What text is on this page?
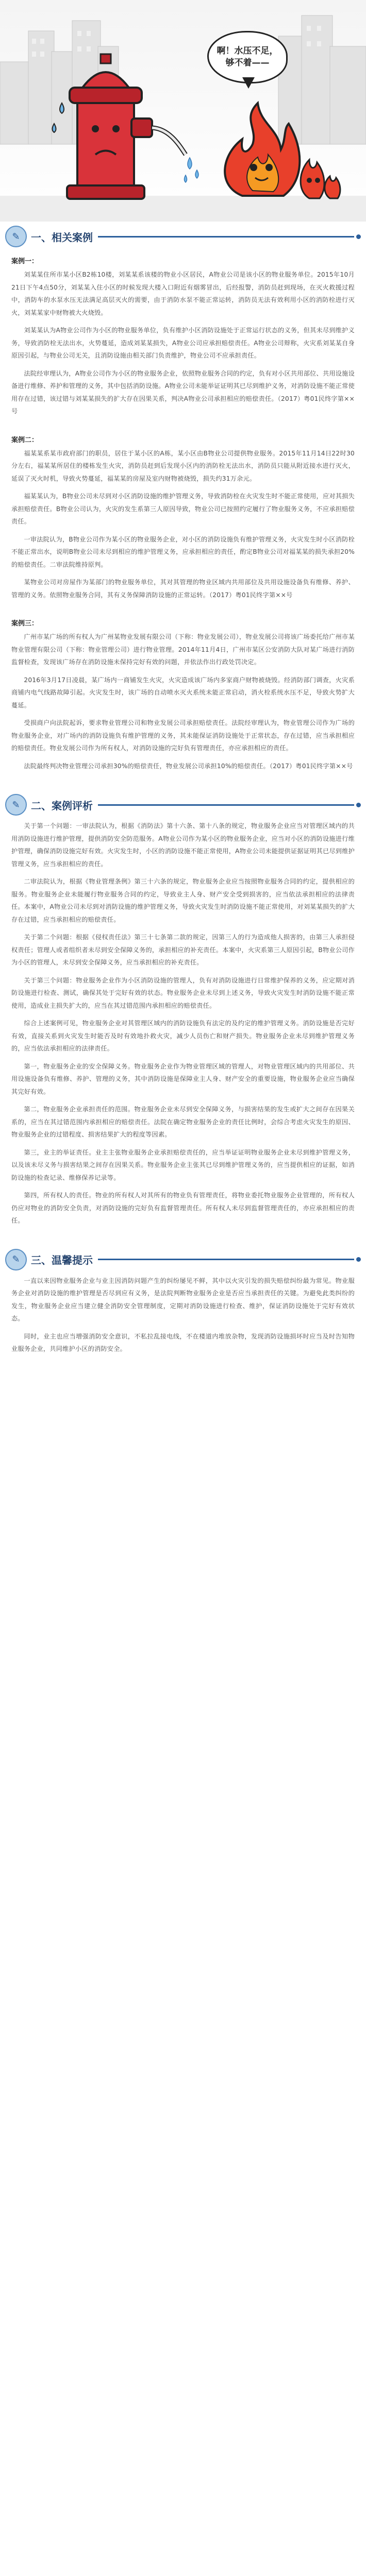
啊！水压不足，
够不着——
✎	一、相关案例
案例一：

刘某某住所市某小区B2栋10楼，刘某某系该楼的物业小区居民，A物业公司是该小区的物业服务单位。2015年10月21日下午4点50分，刘某某入住小区的时候发现大楼入口附近有烟雾冒出，后经报警，消防员赶到现场，在灭火救援过程中，消防车的水泵水压无法满足高层灭火的需要，由于消防水泵不能正常运转，消防员无法有效利用小区的消防栓进行灭火，刘某某家中财物被大火烧毁。

刘某某认为A物业公司作为小区的物业服务单位，负有维护小区消防设施处于正常运行状态的义务，但其未尽到维护义务，导致消防栓无法出水，火势蔓延，造成刘某某损失，A物业公司应承担赔偿责任。A物业公司辩称，火灾系刘某某自身原因引起，与物业公司无关，且消防设施由相关部门负责维护，物业公司不应承担责任。

法院经审理认为，A物业公司作为小区的物业服务企业，依照物业服务合同的约定，负有对小区共用部位、共用设施设备进行维修、养护和管理的义务，其中包括消防设施。A物业公司未能举证证明其已尽到维护义务，对消防设施不能正常使用存在过错，该过错与刘某某损失的扩大存在因果关系，判决A物业公司承担相应的赔偿责任。（2017）粤01民终字第××号

案例二：

福某某系某市政府部门的职员，居住于某小区的A栋，某小区由B物业公司提供物业服务。2015年11月14日22时30分左右，福某某所居住的楼栋发生火灾，消防员赶到后发现小区内的消防栓无法出水，消防员只能从附近接水进行灭火，延误了灭火时机，导致火势蔓延，福某某的房屋及室内财物被烧毁，损失约31万余元。

福某某认为，B物业公司未尽到对小区消防设施的维护管理义务，导致消防栓在火灾发生时不能正常使用，应对其损失承担赔偿责任。B物业公司认为，火灾的发生系第三人原因导致，物业公司已按照约定履行了物业服务义务，不应承担赔偿责任。

一审法院认为，B物业公司作为某小区的物业服务企业，对小区的消防设施负有维护管理义务，火灾发生时小区消防栓不能正常出水，说明B物业公司未尽到相应的维护管理义务，应承担相应的责任，酌定B物业公司对福某某的损失承担20%的赔偿责任。二审法院维持原判。

某物业公司对房屋作为某部门的物业服务单位，其对其管理的物业区域内共用部位及共用设施设备负有维修、养护、管理的义务。依照物业服务合同，其有义务保障消防设施的正常运转。（2017）粤01民终字第××号

案例三：

广州市某广场的所有权人为广州某物业发展有限公司（下称：物业发展公司），物业发展公司将该广场委托给广州市某物业管理有限公司（下称：物业管理公司）进行物业管理。2014年11月4日，广州市某区公安消防大队对某广场进行消防监督检查，发现该广场存在消防设施未保持完好有效的问题，并依法作出行政处罚决定。

2016年3月17日凌晨，某广场内一商铺发生火灾，火灾造成该广场内多家商户财物被烧毁。经消防部门调查，火灾系商铺内电气线路故障引起。火灾发生时，该广场的自动喷水灭火系统未能正常启动，消火栓系统水压不足，导致火势扩大蔓延。

受损商户向法院起诉，要求物业管理公司和物业发展公司承担赔偿责任。法院经审理认为，物业管理公司作为广场的物业服务企业，对广场内的消防设施负有维护管理的义务，其未能保证消防设施处于正常状态，存在过错，应当承担相应的赔偿责任。物业发展公司作为所有权人，对消防设施的完好负有管理责任，亦应承担相应的责任。

法院最终判决物业管理公司承担30%的赔偿责任，物业发展公司承担10%的赔偿责任。（2017）粤01民终字第××号

✎	二、案例评析

关于第一个问题：一审法院认为，根据《消防法》第十六条、第十八条的规定，物业服务企业应当对管理区域内的共用消防设施进行维护管理，提供消防安全防范服务。A物业公司作为某小区的物业服务企业，应当对小区的消防设施进行维护管理，确保消防设施完好有效。火灾发生时，小区的消防设施不能正常使用，A物业公司未能提供证据证明其已尽到维护管理义务，应当承担相应的责任。

二审法院认为，根据《物业管理条例》第三十六条的规定，物业服务企业应当按照物业服务合同的约定，提供相应的服务。物业服务企业未能履行物业服务合同的约定，导致业主人身、财产安全受到损害的，应当依法承担相应的法律责任。本案中，A物业公司未尽到对消防设施的维护管理义务，导致火灾发生时消防设施不能正常使用，对刘某某损失的扩大存在过错，应当承担相应的赔偿责任。

关于第二个问题：根据《侵权责任法》第三十七条第二款的规定，因第三人的行为造成他人损害的，由第三人承担侵权责任；管理人或者组织者未尽到安全保障义务的，承担相应的补充责任。本案中，火灾系第三人原因引起，B物业公司作为小区的管理人，未尽到安全保障义务，应当承担相应的补充责任。

关于第三个问题：物业服务企业作为小区消防设施的管理人，负有对消防设施进行日常维护保养的义务，应定期对消防设施进行检查、测试，确保其处于完好有效的状态。物业服务企业未尽到上述义务，导致火灾发生时消防设施不能正常使用，造成业主损失扩大的，应当在其过错范围内承担相应的赔偿责任。

综合上述案例可见，物业服务企业对其管理区域内的消防设施负有法定的及约定的维护管理义务。消防设施是否完好有效，直接关系到火灾发生时能否及时有效地扑救火灾，减少人员伤亡和财产损失。物业服务企业未尽到维护管理义务的，应当依法承担相应的法律责任。

第一，物业服务企业的安全保障义务。物业服务企业作为物业管理区域的管理人，对物业管理区域内的共用部位、共用设施设备负有维修、养护、管理的义务，其中消防设施是保障业主人身、财产安全的重要设施，物业服务企业应当确保其完好有效。

第二，物业服务企业承担责任的范围。物业服务企业未尽到安全保障义务，与损害结果的发生或扩大之间存在因果关系的，应当在其过错范围内承担相应的赔偿责任。法院在确定物业服务企业的责任比例时，会综合考虑火灾发生的原因、物业服务企业的过错程度、损害结果扩大的程度等因素。

第三，业主的举证责任。业主主张物业服务企业承担赔偿责任的，应当举证证明物业服务企业未尽到维护管理义务，以及该未尽义务与损害结果之间存在因果关系。物业服务企业主张其已尽到维护管理义务的，应当提供相应的证据，如消防设施的检查记录、维修保养记录等。

第四，所有权人的责任。物业的所有权人对其所有的物业负有管理责任，将物业委托物业服务企业管理的，所有权人仍应对物业的消防安全负责，对消防设施的完好负有监督管理责任。所有权人未尽到监督管理责任的，亦应承担相应的责任。

✎	三、温馨提示

一直以来因物业服务企业与业主因消防问题产生的纠纷屡见不鲜，其中以火灾引发的损失赔偿纠纷最为常见。物业服务企业对消防设施的维护管理是否尽到应有义务，是法院判断物业服务企业是否应当承担责任的关键。为避免此类纠纷的发生，物业服务企业应当建立健全消防安全管理制度，定期对消防设施进行检查、维护，保证消防设施处于完好有效状态。

同时，业主也应当增强消防安全意识，不私拉乱接电线，不在楼道内堆放杂物，发现消防设施损坏时应当及时告知物业服务企业，共同维护小区的消防安全。
